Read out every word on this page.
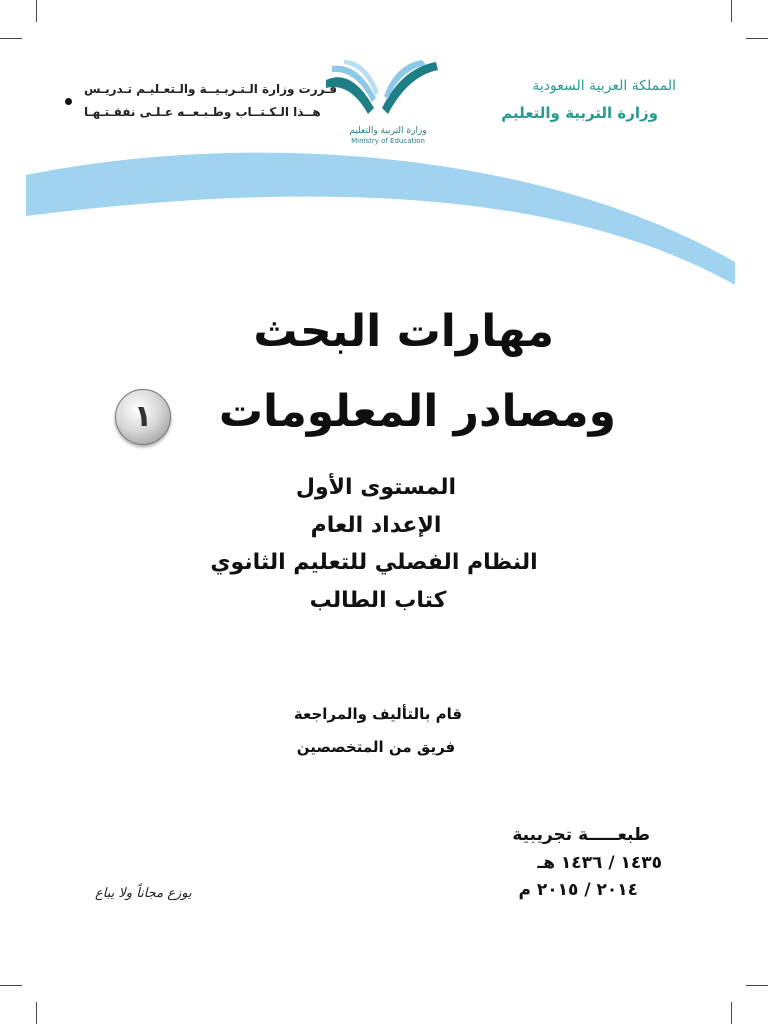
المملكة العربية السعودية
وزارة التربية والتعليم
قـررت وزارة الـتـربـيــة والـتعـليـم تـدريـس
هــذا الـكـتــاب وطـبـعــه عـلـى نفقـتـهـا
وزارة التربية والتعليم
Ministry of Education
مهارات البحث
ومصادر المعلومات
١
المستوى الأول
الإعداد العام
النظام الفصلي للتعليم الثانوي
كتاب الطالب
قام بالتأليف والمراجعة
فريق من المتخصصين
طبعـــــة تجريبية
١٤٣٥ / ١٤٣٦ هـ
٢٠١٤ / ٢٠١٥ م
يوزع مجاناً ولا يباع
